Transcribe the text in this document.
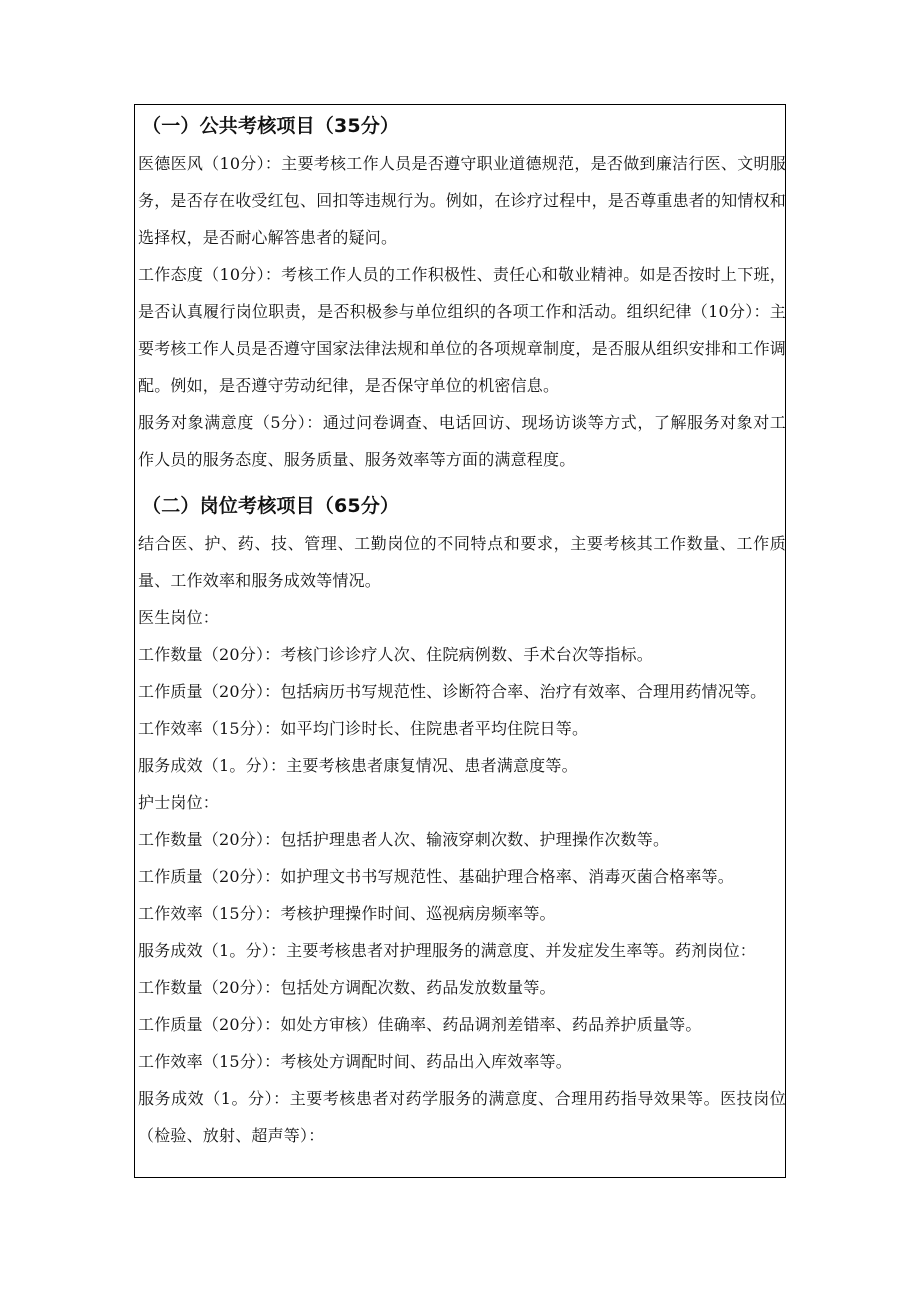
（一）公共考核项目（35分）

医德医风（10分）：主要考核工作人员是否遵守职业道德规范，是否做到廉洁行医、文明服务，是否存在收受红包、回扣等违规行为。例如，在诊疗过程中，是否尊重患者的知情权和选择权，是否耐心解答患者的疑问。

工作态度（10分）：考核工作人员的工作积极性、责任心和敬业精神。如是否按时上下班，是否认真履行岗位职责，是否积极参与单位组织的各项工作和活动。组织纪律（10分）：主要考核工作人员是否遵守国家法律法规和单位的各项规章制度，是否服从组织安排和工作调配。例如，是否遵守劳动纪律，是否保守单位的机密信息。

服务对象满意度（5分）：通过问卷调查、电话回访、现场访谈等方式，了解服务对象对工作人员的服务态度、服务质量、服务效率等方面的满意程度。

（二）岗位考核项目（65分）

结合医、护、药、技、管理、工勤岗位的不同特点和要求，主要考核其工作数量、工作质量、工作效率和服务成效等情况。

医生岗位：

工作数量（20分）：考核门诊诊疗人次、住院病例数、手术台次等指标。

工作质量（20分）：包括病历书写规范性、诊断符合率、治疗有效率、合理用药情况等。

工作效率（15分）：如平均门诊时长、住院患者平均住院日等。

服务成效（1。分）：主要考核患者康复情况、患者满意度等。

护士岗位：

工作数量（20分）：包括护理患者人次、输液穿刺次数、护理操作次数等。

工作质量（20分）：如护理文书书写规范性、基础护理合格率、消毒灭菌合格率等。

工作效率（15分）：考核护理操作时间、巡视病房频率等。

服务成效（1。分）：主要考核患者对护理服务的满意度、并发症发生率等。药剂岗位：

工作数量（20分）：包括处方调配次数、药品发放数量等。

工作质量（20分）：如处方审核）佳确率、药品调剂差错率、药品养护质量等。

工作效率（15分）：考核处方调配时间、药品出入库效率等。

服务成效（1。分）：主要考核患者对药学服务的满意度、合理用药指导效果等。医技岗位（检验、放射、超声等）：
